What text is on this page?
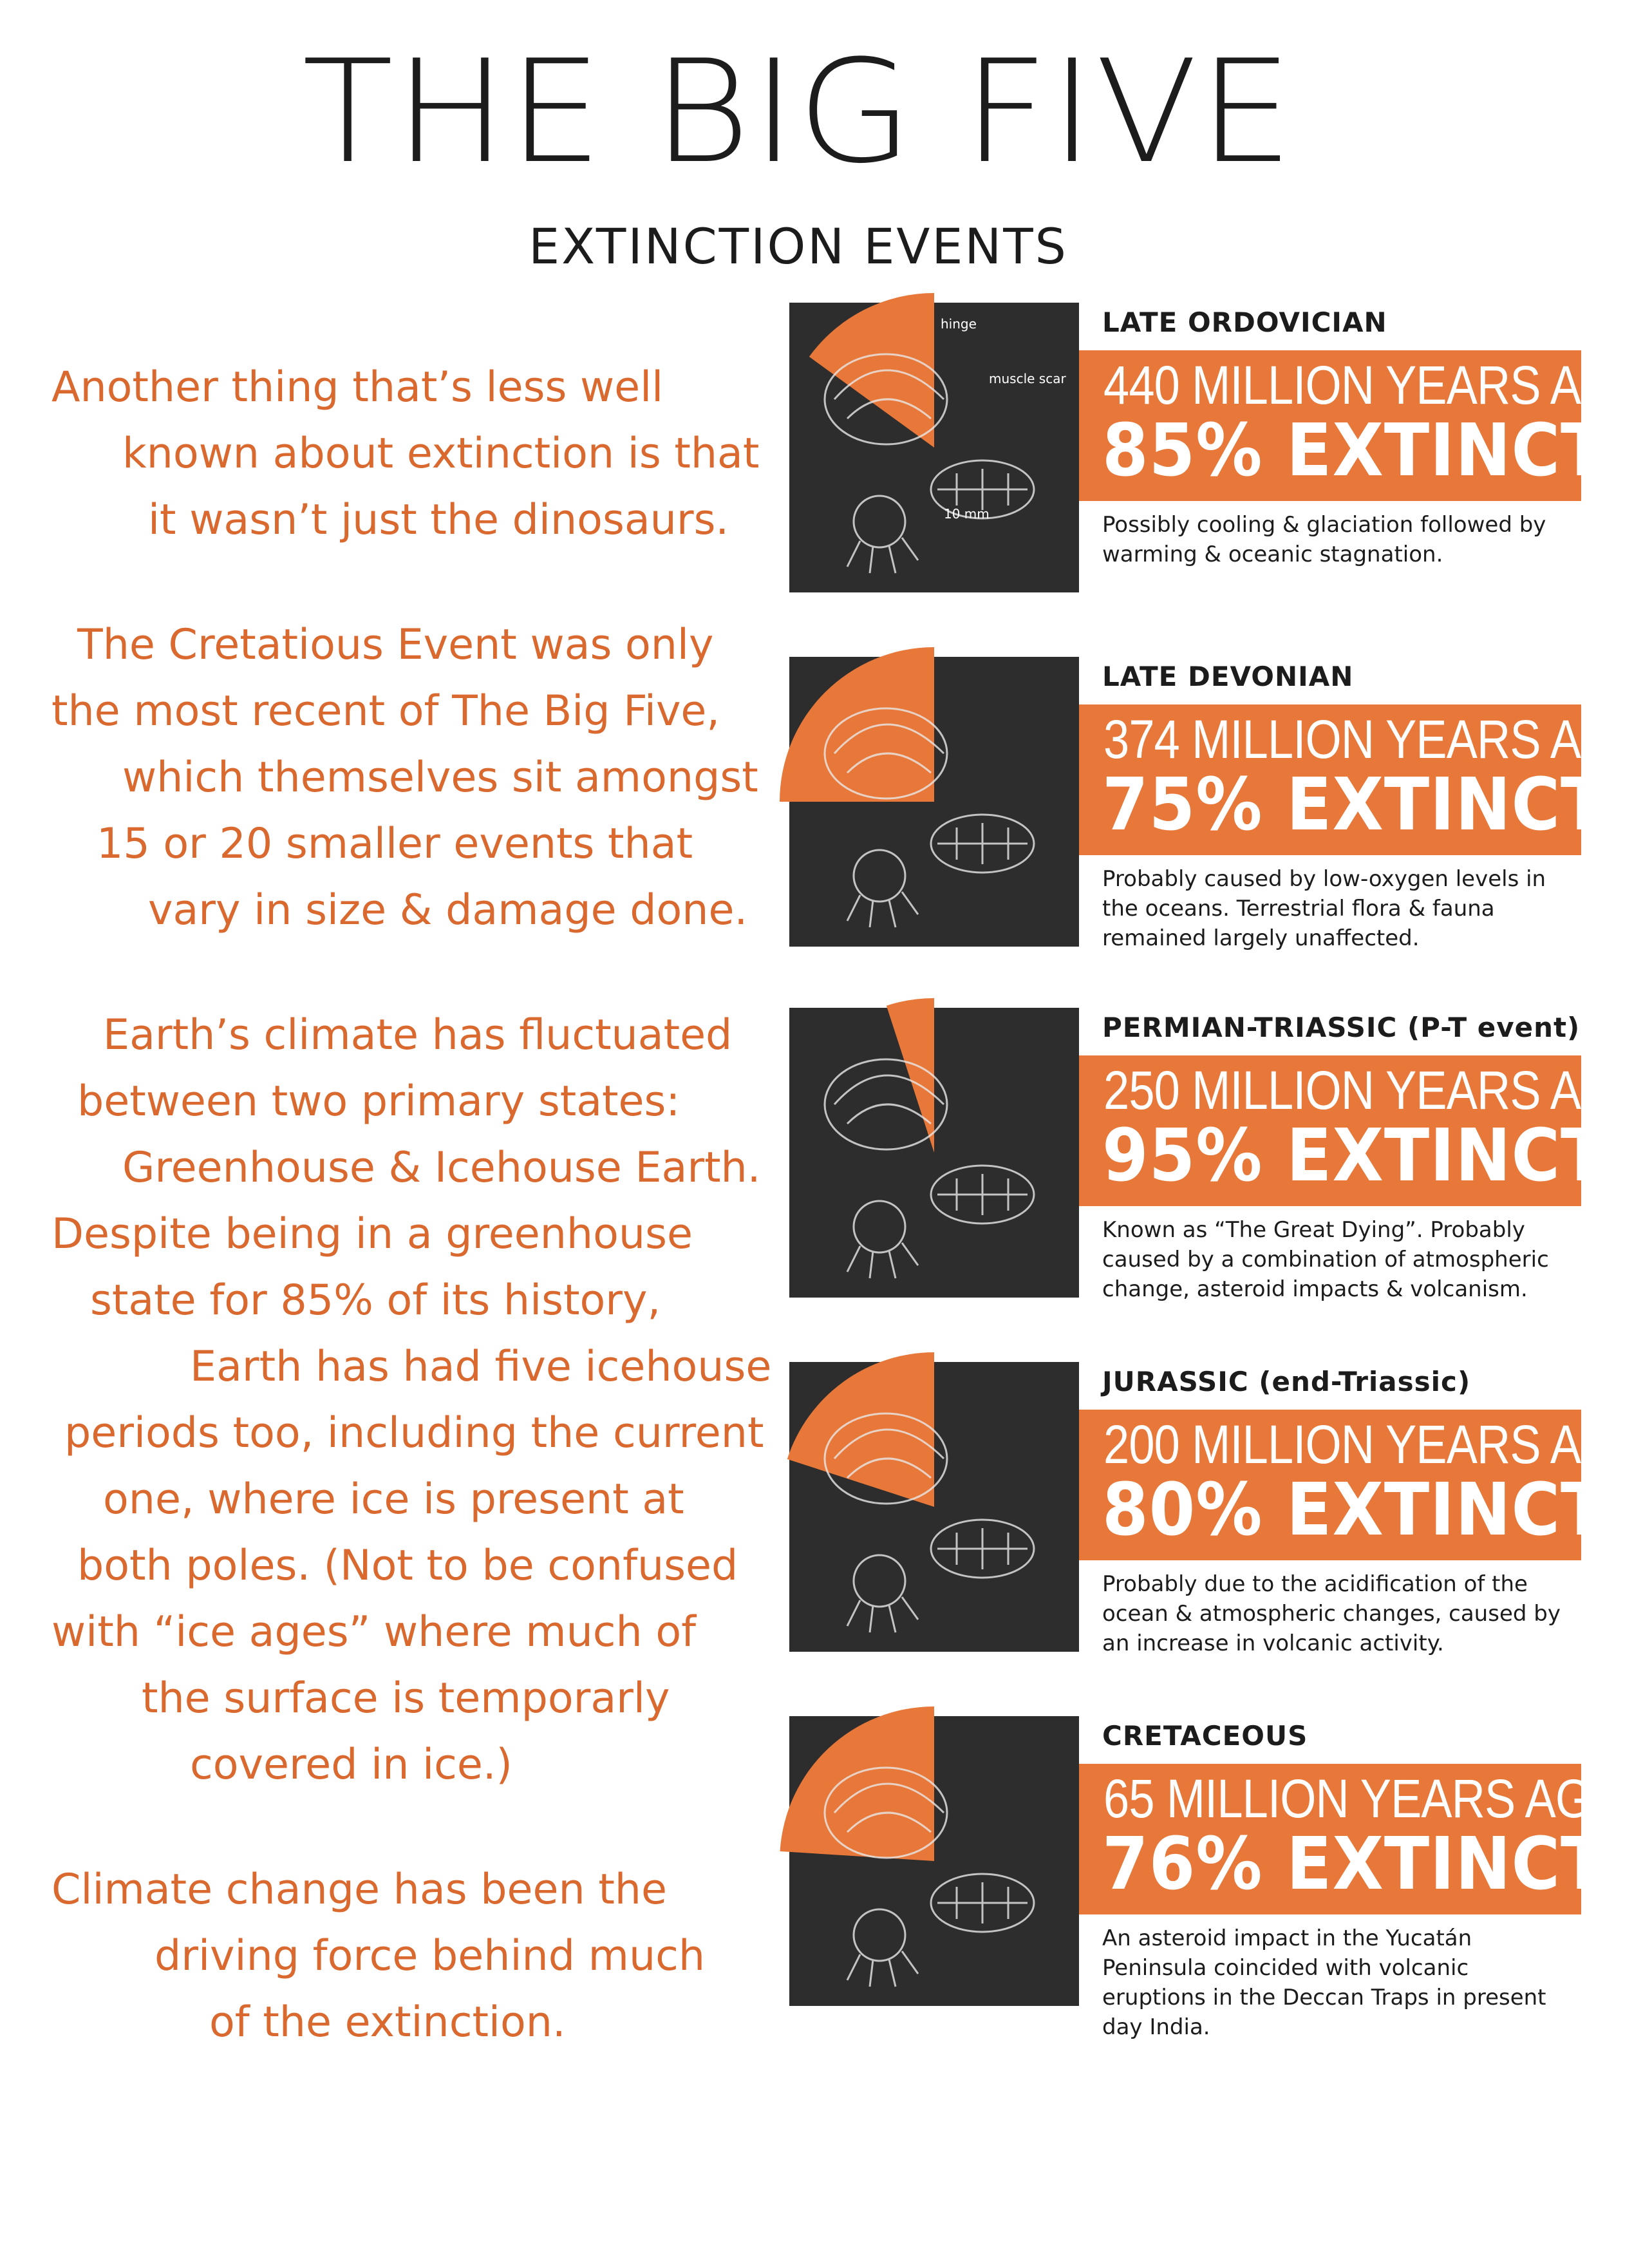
THE BIG FIVE
EXTINCTION EVENTS
Another thing that’s less well
known about extinction is that
it wasn’t just the dinosaurs.
The Cretatious Event was only
the most recent of The Big Five,
which themselves sit amongst
15 or 20 smaller events that
vary in size & damage done.
Earth’s climate has fluctuated
between two primary states:
Greenhouse & Icehouse Earth.
Despite being in a greenhouse
state for 85% of its history,
Earth has had five icehouse
periods too, including the current
one, where ice is present at
both poles. (Not to be confused
with “ice ages” where much of
the surface is temporarly
covered in ice.)
Climate change has been the
driving force behind much
of the extinction.
440 MILLION YEARS AGO
85% EXTINCT
hinge
muscle scar
10 mm
LATE ORDOVICIAN
Possibly cooling & glaciation followed by warming & oceanic stagnation.
374 MILLION YEARS AGO
75% EXTINCT
LATE DEVONIAN
Probably caused by low-oxygen levels in the oceans. Terrestrial flora & fauna remained largely unaffected.
250 MILLION YEARS AGO
95% EXTINCT
PERMIAN-TRIASSIC (P-T event)
Known as “The Great Dying”. Probably caused by a combination of atmospheric change, asteroid impacts & volcanism.
200 MILLION YEARS AGO
80% EXTINCT
JURASSIC (end-Triassic)
Probably due to the acidification of the ocean & atmospheric changes, caused by an increase in volcanic activity.
65 MILLION YEARS AGO
76% EXTINCT
CRETACEOUS
An asteroid impact in the Yucatán Peninsula coincided with volcanic eruptions in the Deccan Traps in present day India.
